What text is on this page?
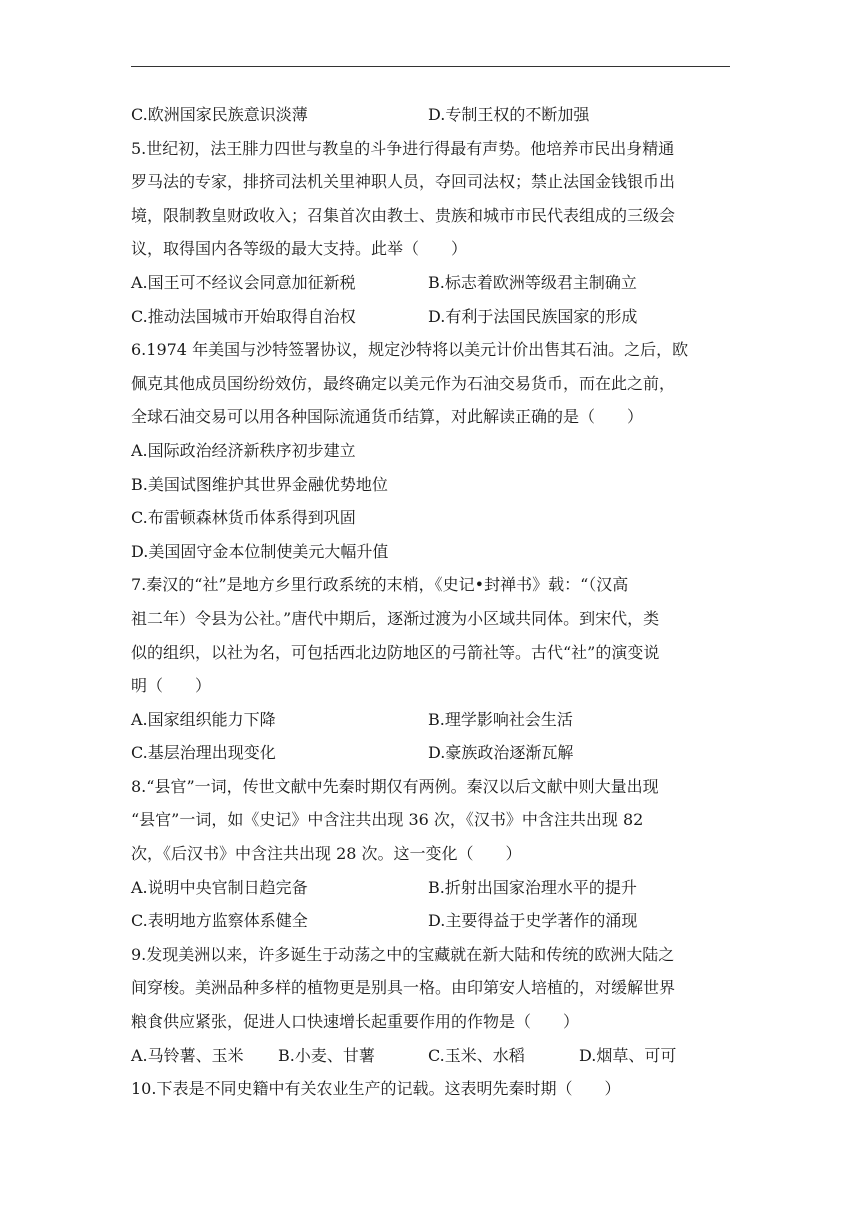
C.欧洲国家民族意识淡薄	D.专制王权的不断加强
5.世纪初，法王腓力四世与教皇的斗争进行得最有声势。他培养市民出身精通
罗马法的专家，排挤司法机关里神职人员，夺回司法权；禁止法国金钱银币出
境，限制教皇财政收入；召集首次由教士、贵族和城市市民代表组成的三级会
议，取得国内各等级的最大支持。此举（　　）
A.国王可不经议会同意加征新税	B.标志着欧洲等级君主制确立
C.推动法国城市开始取得自治权	D.有利于法国民族国家的形成
6.1974 年美国与沙特签署协议，规定沙特将以美元计价出售其石油。之后，欧
佩克其他成员国纷纷效仿，最终确定以美元作为石油交易货币，而在此之前，
全球石油交易可以用各种国际流通货币结算，对此解读正确的是（　　）
A.国际政治经济新秩序初步建立
B.美国试图维护其世界金融优势地位
C.布雷顿森林货币体系得到巩固
D.美国固守金本位制使美元大幅升值
7.秦汉的“社”是地方乡里行政系统的末梢，《史记•封禅书》载：“（汉高
祖二年）令县为公社。”唐代中期后，逐渐过渡为小区域共同体。到宋代，类
似的组织，以社为名，可包括西北边防地区的弓箭社等。古代“社”的演变说
明（　　）
A.国家组织能力下降	B.理学影响社会生活
C.基层治理出现变化	D.豪族政治逐渐瓦解
8.“县官”一词，传世文献中先秦时期仅有两例。秦汉以后文献中则大量出现
“县官”一词，如《史记》中含注共出现 36 次，《汉书》中含注共出现 82
次，《后汉书》中含注共出现 28 次。这一变化（　　）
A.说明中央官制日趋完备	B.折射出国家治理水平的提升
C.表明地方监察体系健全	D.主要得益于史学著作的涌现
9.发现美洲以来，许多诞生于动荡之中的宝藏就在新大陆和传统的欧洲大陆之
间穿梭。美洲品种多样的植物更是别具一格。由印第安人培植的，对缓解世界
粮食供应紧张，促进人口快速增长起重要作用的作物是（　　）
A.马铃薯、玉米 B.小麦、甘薯	C.玉米、水稻	D.烟草、可可
10.下表是不同史籍中有关农业生产的记载。这表明先秦时期（　　）
